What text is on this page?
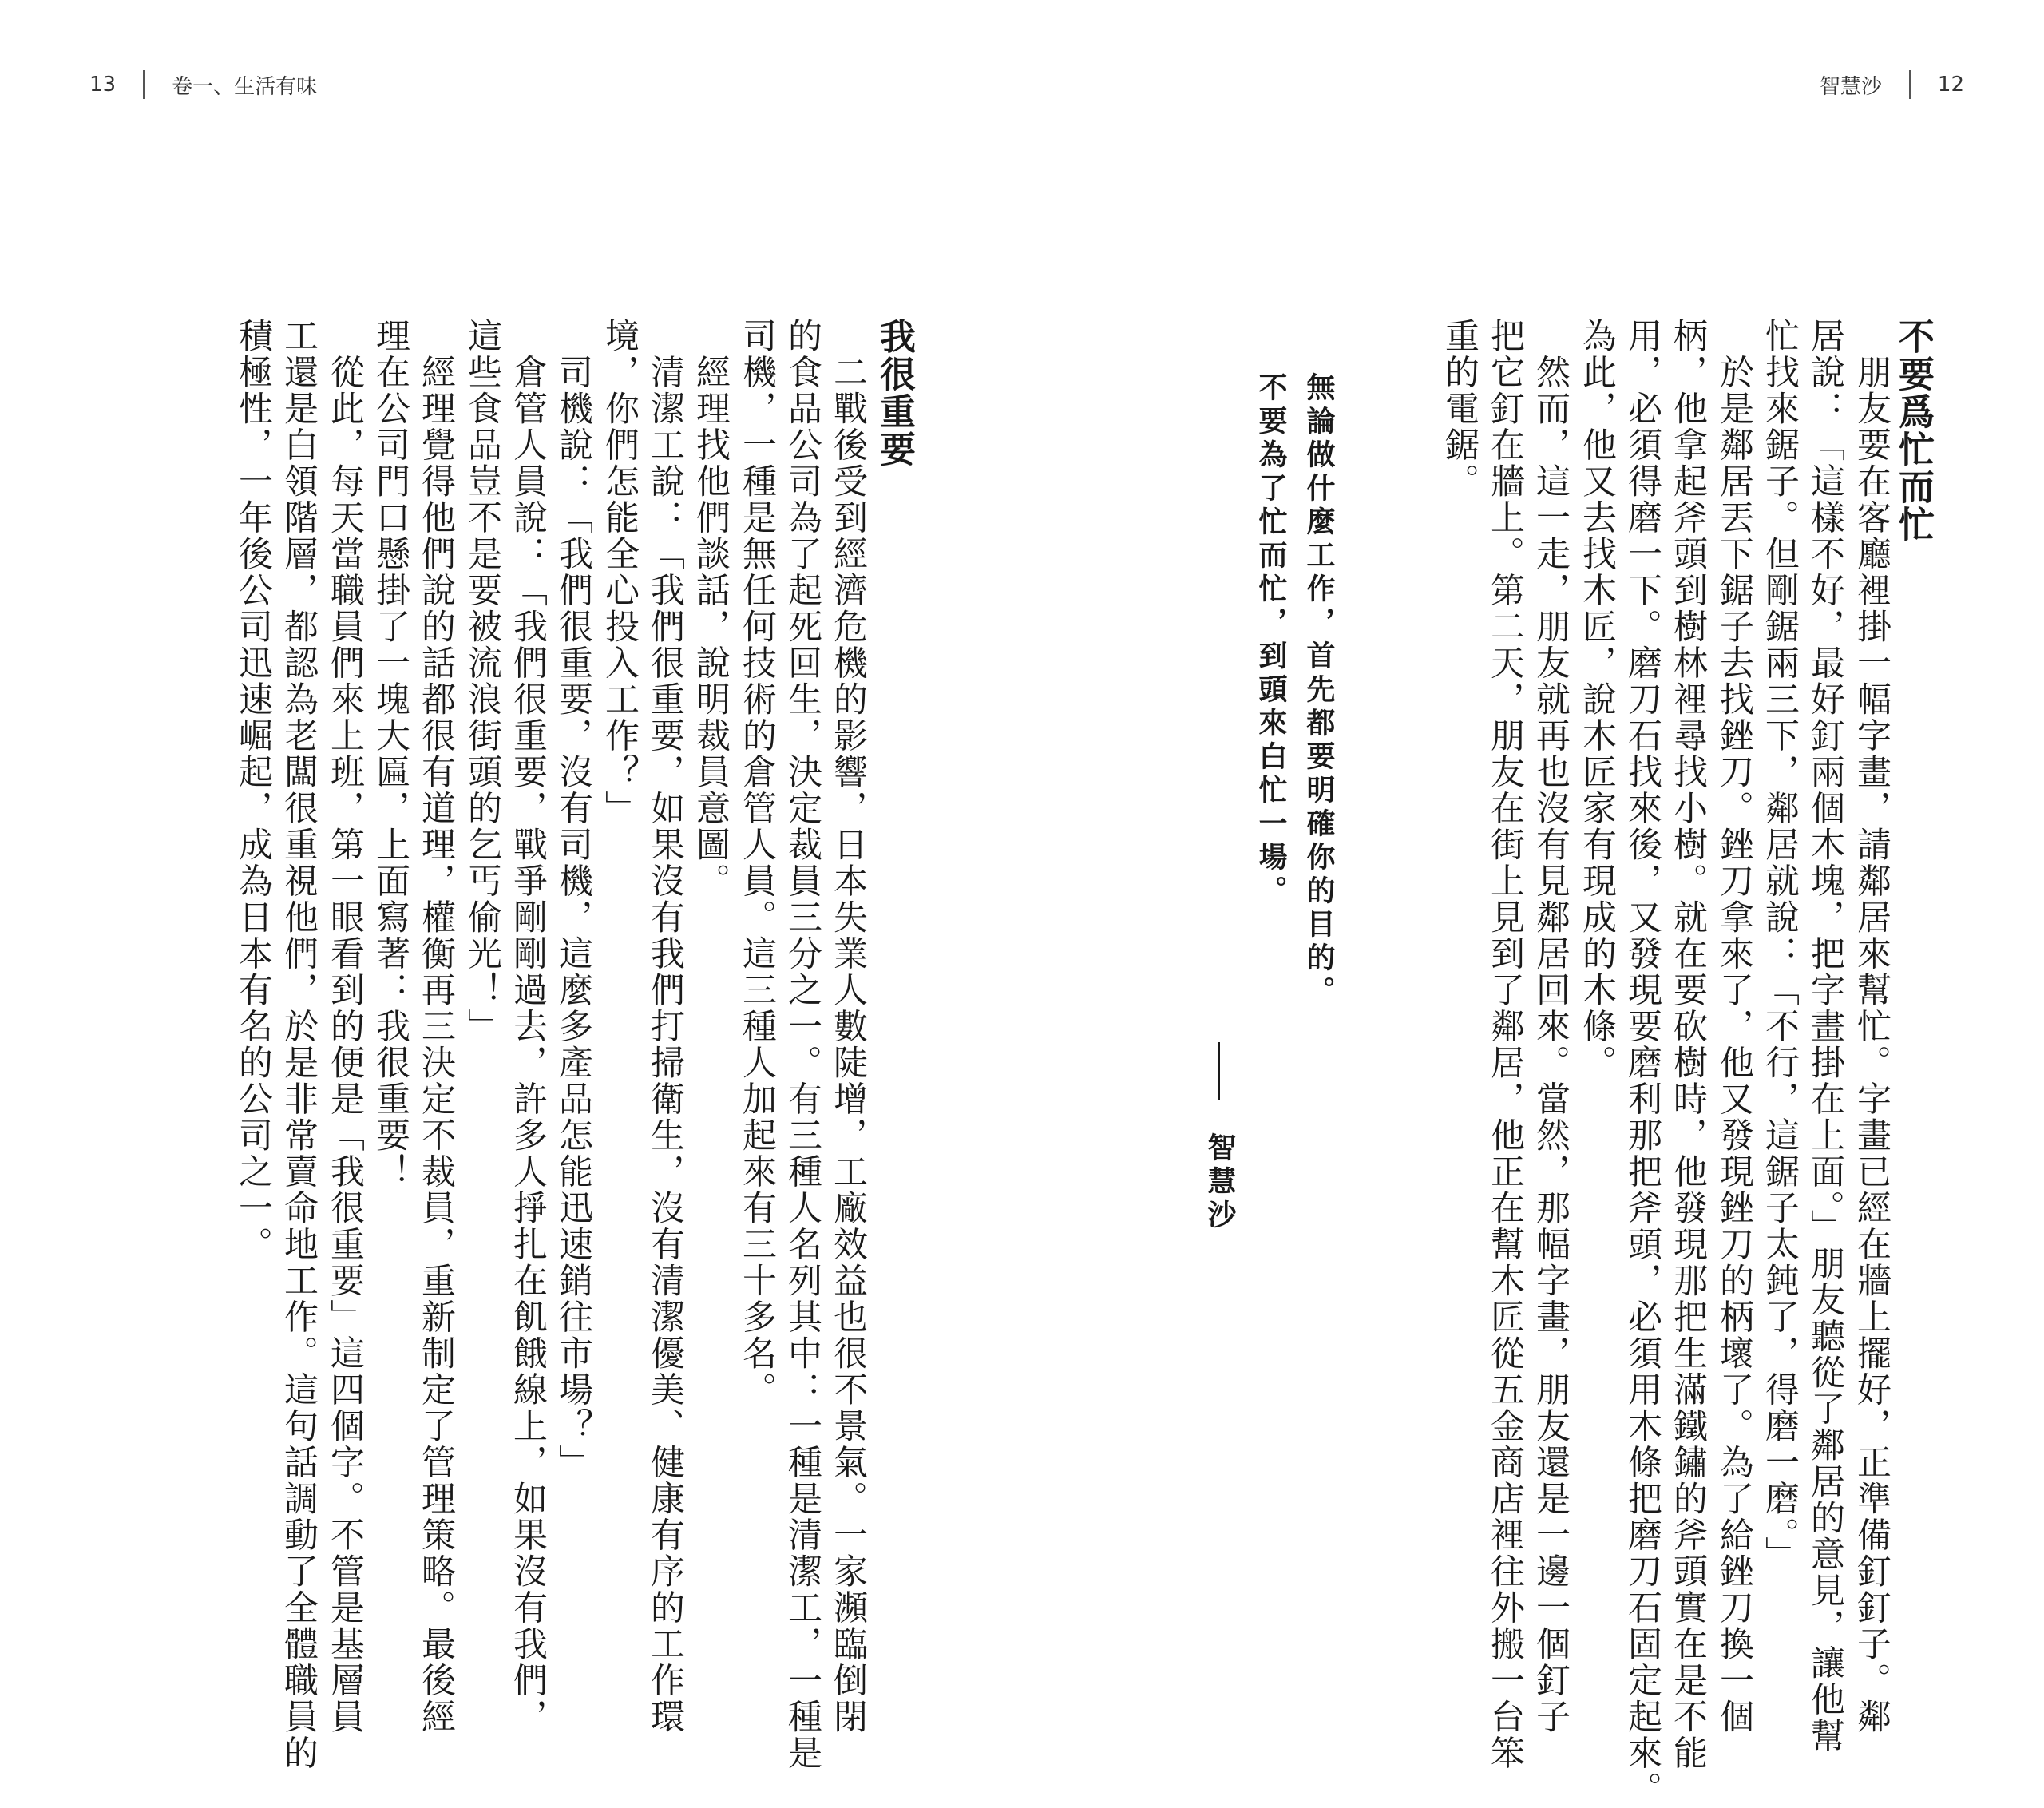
13	卷一、生活有味	智慧沙	12
不要爲忙而忙
　朋友要在客廳裡掛一幅字畫，請鄰居來幫忙。字畫已經在牆上擺好，正準備釘釘子。鄰
居說：「這樣不好，最好釘兩個木塊，把字畫掛在上面。」朋友聽從了鄰居的意見，讓他幫
忙找來鋸子。但剛鋸兩三下，鄰居就說：「不行，這鋸子太鈍了，得磨一磨。」
　於是鄰居丟下鋸子去找銼刀。銼刀拿來了，他又發現銼刀的柄壞了。為了給銼刀換一個
柄，他拿起斧頭到樹林裡尋找小樹。就在要砍樹時，他發現那把生滿鐵鏽的斧頭實在是不能
用，必須得磨一下。磨刀石找來後，又發現要磨利那把斧頭，必須用木條把磨刀石固定起來。
為此，他又去找木匠，說木匠家有現成的木條。
　然而，這一走，朋友就再也沒有見鄰居回來。當然，那幅字畫，朋友還是一邊一個釘子
把它釘在牆上。第二天，朋友在街上見到了鄰居，他正在幫木匠從五金商店裡往外搬一台笨
重的電鋸。
無論做什麼工作，首先都要明確你的目的。
不要為了忙而忙，到頭來白忙一場。
智慧沙
我很重要
　二戰後受到經濟危機的影響，日本失業人數陡增，工廠效益也很不景氣。一家瀕臨倒閉
的食品公司為了起死回生，決定裁員三分之一。有三種人名列其中：一種是清潔工，一種是
司機，一種是無任何技術的倉管人員。這三種人加起來有三十多名。
　經理找他們談話，說明裁員意圖。
　清潔工說：「我們很重要，如果沒有我們打掃衛生，沒有清潔優美、健康有序的工作環
境，你們怎能全心投入工作？」
　司機說：「我們很重要，沒有司機，這麼多產品怎能迅速銷往市場？」
　倉管人員說：「我們很重要，戰爭剛剛過去，許多人掙扎在飢餓線上，如果沒有我們，
這些食品豈不是要被流浪街頭的乞丐偷光！」
　經理覺得他們說的話都很有道理，權衡再三決定不裁員，重新制定了管理策略。最後經
理在公司門口懸掛了一塊大匾，上面寫著：我很重要！
　從此，每天當職員們來上班，第一眼看到的便是「我很重要」這四個字。不管是基層員
工還是白領階層，都認為老闆很重視他們，於是非常賣命地工作。這句話調動了全體職員的
積極性，一年後公司迅速崛起，成為日本有名的公司之一。
